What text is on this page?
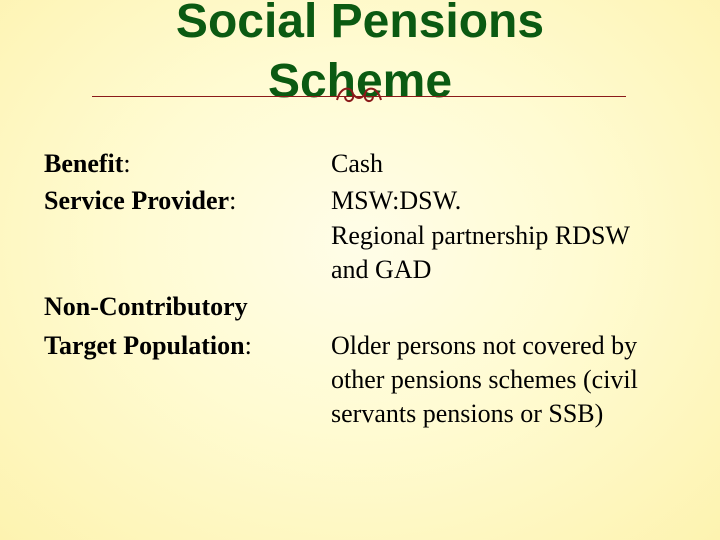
Social Pensions
Scheme
Benefit:	Cash
Service Provider:	MSW:DSW.
Regional partnership RDSW
and GAD
Non-Contributory
Target Population:	Older persons not covered by
other pensions schemes (civil
servants pensions or SSB)
